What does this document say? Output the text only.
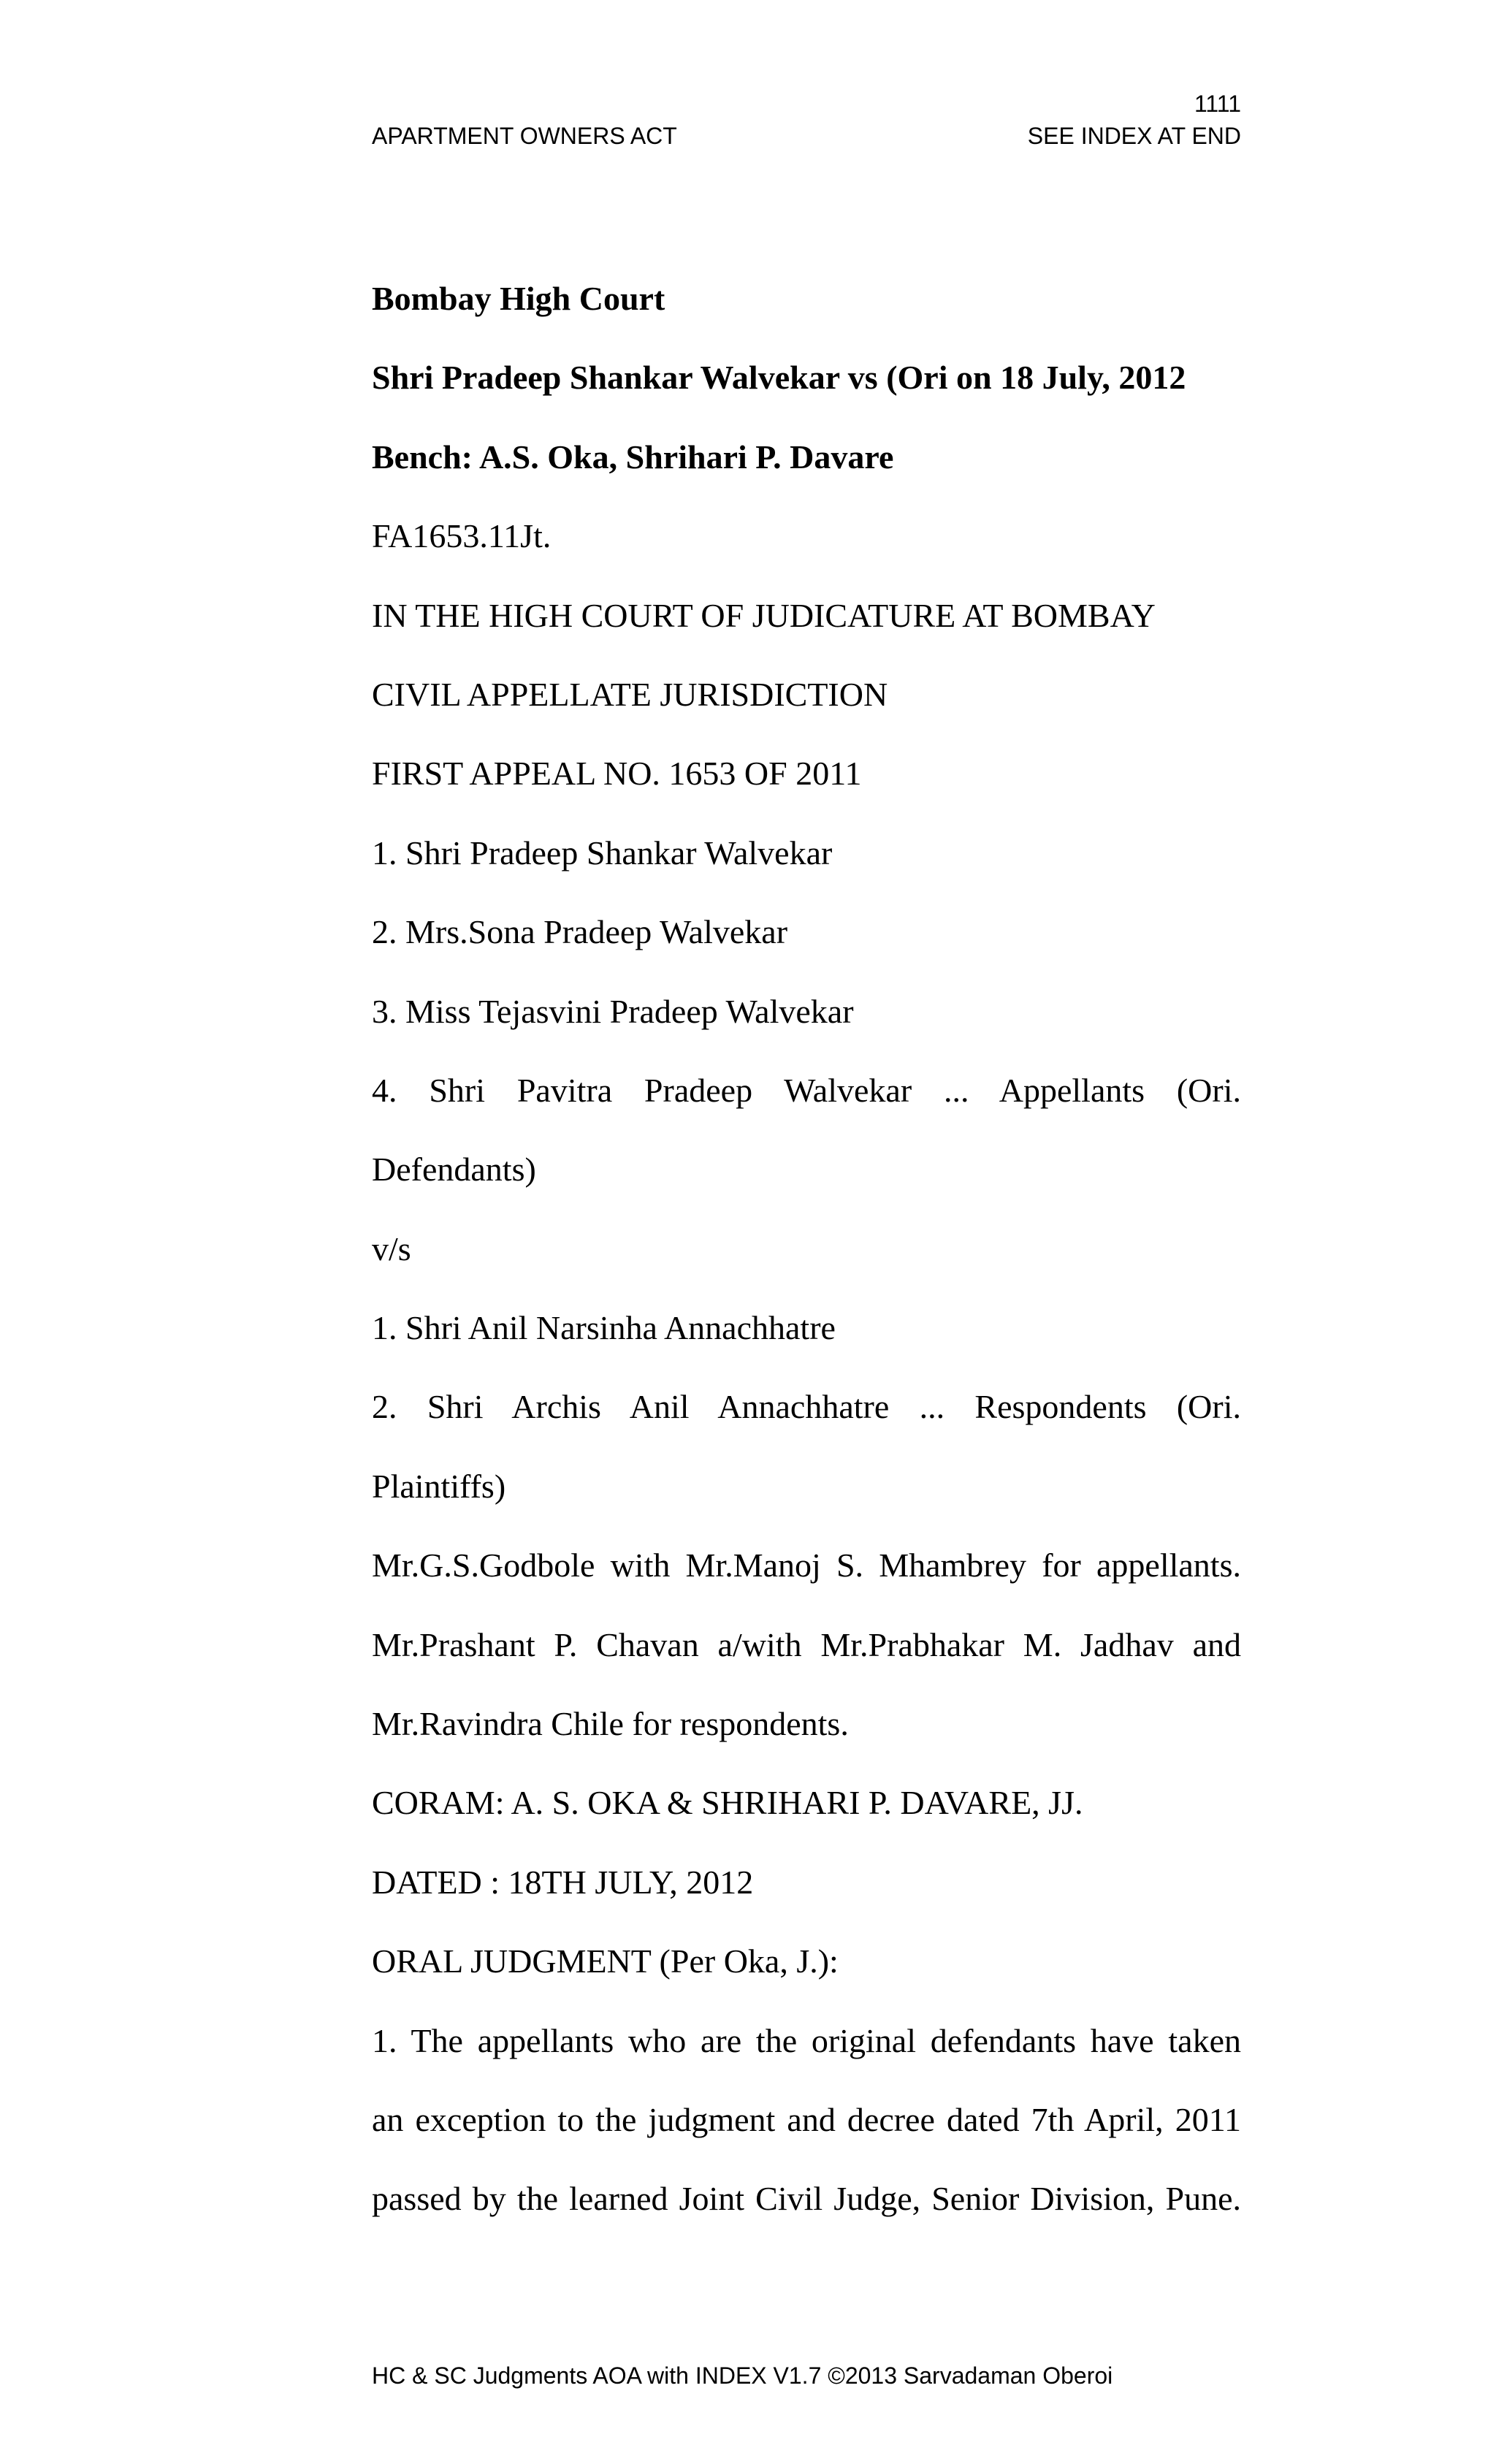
1111
APARTMENT OWNERS ACT	SEE INDEX AT END
Bombay High Court
Shri Pradeep Shankar Walvekar vs (Ori on 18 July, 2012
Bench: A.S. Oka, Shrihari P. Davare
FA1653.11Jt.
IN THE HIGH COURT OF JUDICATURE AT BOMBAY
CIVIL APPELLATE JURISDICTION
FIRST APPEAL NO. 1653 OF 2011
1. Shri Pradeep Shankar Walvekar
2. Mrs.Sona Pradeep Walvekar
3. Miss Tejasvini Pradeep Walvekar
4. Shri Pavitra Pradeep Walvekar ... Appellants (Ori.
Defendants)
v/s
1. Shri Anil Narsinha Annachhatre
2. Shri Archis Anil Annachhatre ... Respondents (Ori.
Plaintiffs)
Mr.G.S.Godbole with Mr.Manoj S. Mhambrey for appellants.
Mr.Prashant P. Chavan a/with Mr.Prabhakar M. Jadhav and
Mr.Ravindra Chile for respondents.
CORAM: A. S. OKA & SHRIHARI P. DAVARE, JJ.
DATED : 18TH JULY, 2012
ORAL JUDGMENT (Per Oka, J.):
1. The appellants who are the original defendants have taken
an exception to the judgment and decree dated 7th April, 2011
passed by the learned Joint Civil Judge, Senior Division, Pune.
HC & SC Judgments AOA with INDEX V1.7 ©2013 Sarvadaman Oberoi
